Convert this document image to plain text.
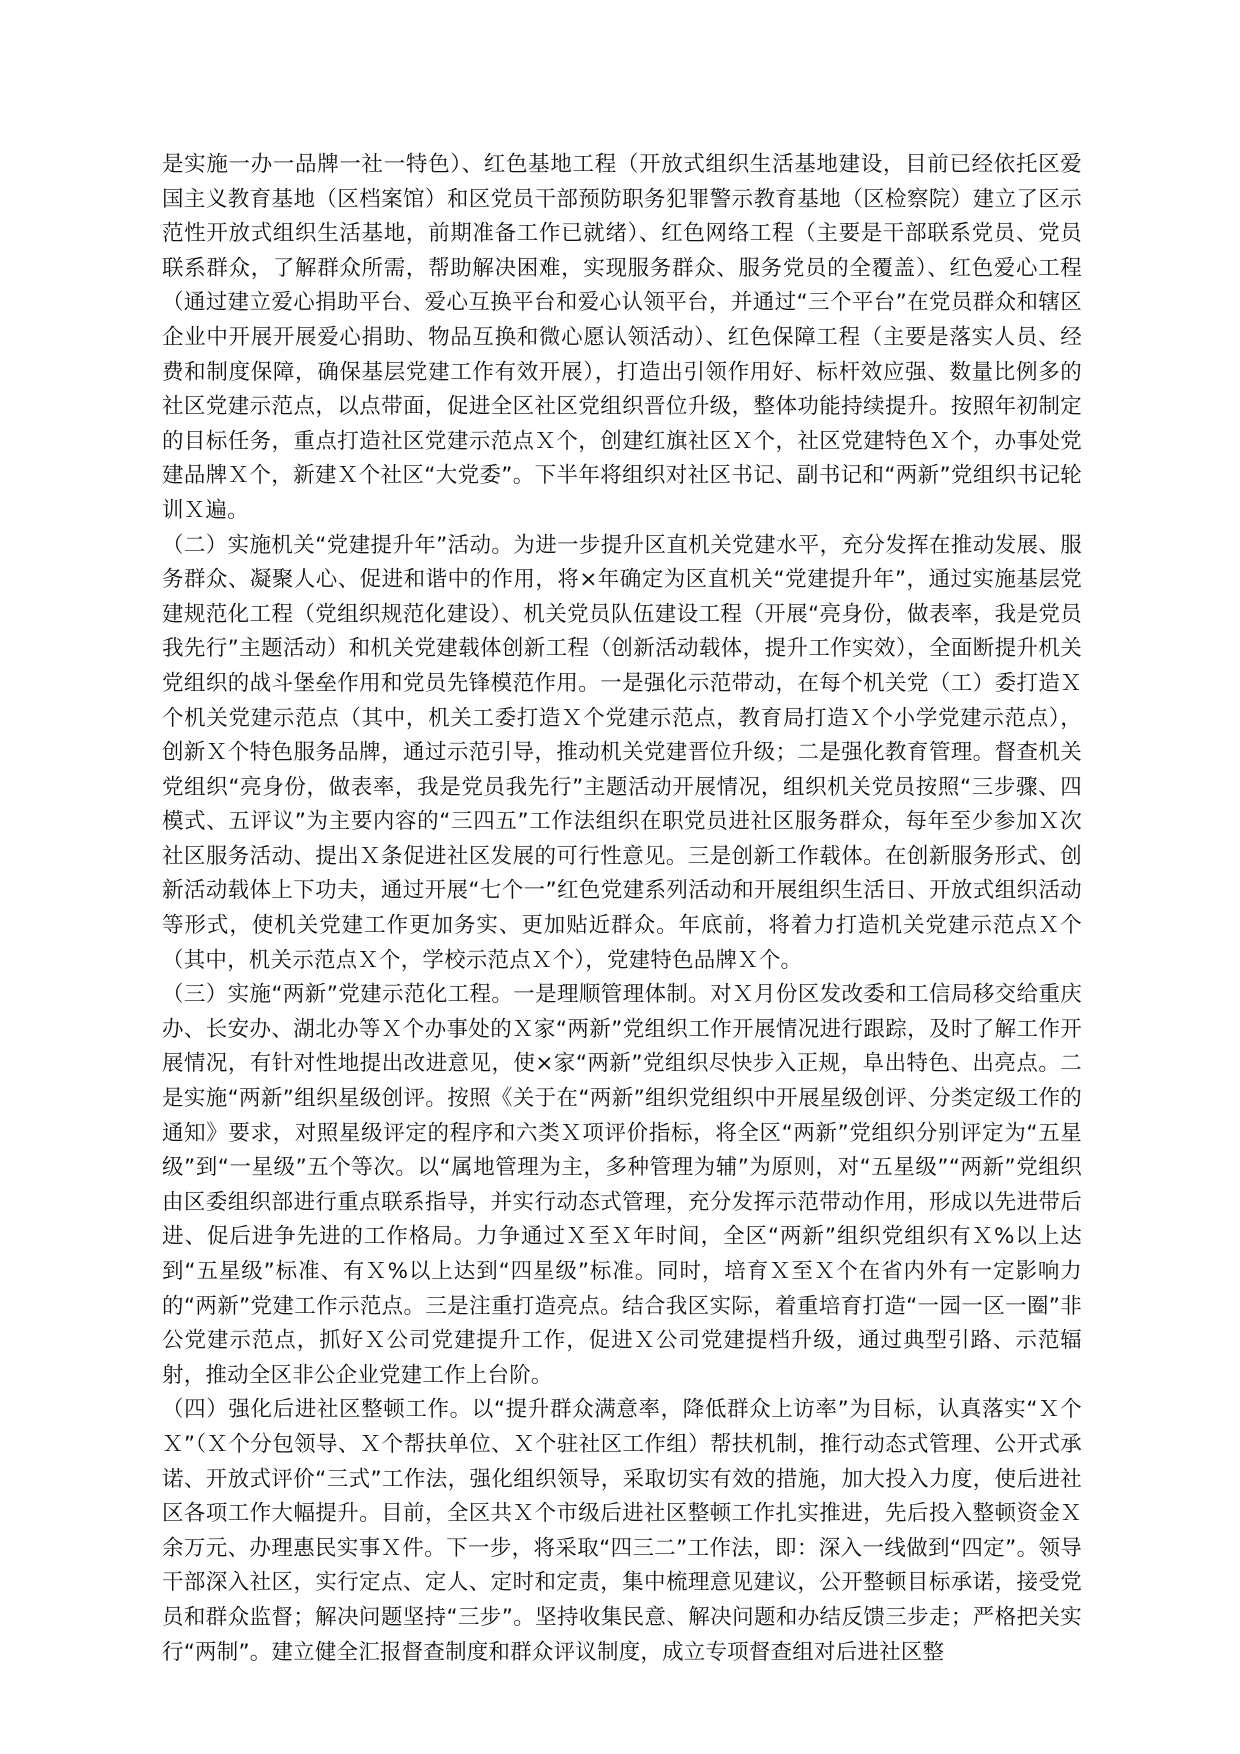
是实施一办一品牌一社一特色）、红色基地工程（开放式组织生活基地建设，目前已经依托区爱国主义教育基地（区档案馆）和区党员干部预防职务犯罪警示教育基地（区检察院）建立了区示范性开放式组织生活基地，前期准备工作已就绪）、红色网络工程（主要是干部联系党员、党员联系群众，了解群众所需，帮助解决困难，实现服务群众、服务党员的全覆盖）、红色爱心工程（通过建立爱心捐助平台、爱心互换平台和爱心认领平台，并通过“三个平台”在党员群众和辖区企业中开展开展爱心捐助、物品互换和微心愿认领活动）、红色保障工程（主要是落实人员、经费和制度保障，确保基层党建工作有效开展），打造出引领作用好、标杆效应强、数量比例多的社区党建示范点，以点带面，促进全区社区党组织晋位升级，整体功能持续提升。按照年初制定的目标任务，重点打造社区党建示范点Ｘ个，创建红旗社区Ｘ个，社区党建特色Ｘ个，办事处党建品牌Ｘ个，新建Ｘ个社区“大党委”。下半年将组织对社区书记、副书记和“两新”党组织书记轮训Ｘ遍。

（二）实施机关“党建提升年”活动。为进一步提升区直机关党建水平，充分发挥在推动发展、服务群众、凝聚人心、促进和谐中的作用，将×年确定为区直机关“党建提升年”，通过实施基层党建规范化工程（党组织规范化建设）、机关党员队伍建设工程（开展“亮身份，做表率，我是党员我先行”主题活动）和机关党建载体创新工程（创新活动载体，提升工作实效），全面断提升机关党组织的战斗堡垒作用和党员先锋模范作用。一是强化示范带动，在每个机关党（工）委打造Ｘ个机关党建示范点（其中，机关工委打造Ｘ个党建示范点，教育局打造Ｘ个小学党建示范点），创新Ｘ个特色服务品牌，通过示范引导，推动机关党建晋位升级；二是强化教育管理。督查机关党组织“亮身份，做表率，我是党员我先行”主题活动开展情况，组织机关党员按照“三步骤、四模式、五评议”为主要内容的“三四五”工作法组织在职党员进社区服务群众，每年至少参加Ｘ次社区服务活动、提出Ｘ条促进社区发展的可行性意见。三是创新工作载体。在创新服务形式、创新活动载体上下功夫，通过开展“七个一”红色党建系列活动和开展组织生活日、开放式组织活动等形式，使机关党建工作更加务实、更加贴近群众。年底前，将着力打造机关党建示范点Ｘ个（其中，机关示范点Ｘ个，学校示范点Ｘ个），党建特色品牌Ｘ个。

（三）实施“两新”党建示范化工程。一是理顺管理体制。对Ｘ月份区发改委和工信局移交给重庆办、长安办、湖北办等Ｘ个办事处的Ｘ家“两新”党组织工作开展情况进行跟踪，及时了解工作开展情况，有针对性地提出改进意见，使×家“两新”党组织尽快步入正规，阜出特色、出亮点。二是实施“两新”组织星级创评。按照《关于在“两新”组织党组织中开展星级创评、分类定级工作的通知》要求，对照星级评定的程序和六类Ｘ项评价指标，将全区“两新”党组织分别评定为“五星级”到“一星级”五个等次。以“属地管理为主，多种管理为辅”为原则，对“五星级”“两新”党组织由区委组织部进行重点联系指导，并实行动态式管理，充分发挥示范带动作用，形成以先进带后进、促后进争先进的工作格局。力争通过Ｘ至Ｘ年时间，全区“两新”组织党组织有Ｘ%以上达到“五星级”标准、有Ｘ%以上达到“四星级”标准。同时，培育Ｘ至Ｘ个在省内外有一定影响力的“两新”党建工作示范点。三是注重打造亮点。结合我区实际，着重培育打造“一园一区一圈”非公党建示范点，抓好Ｘ公司党建提升工作，促进Ｘ公司党建提档升级，通过典型引路、示范辐射，推动全区非公企业党建工作上台阶。

（四）强化后进社区整顿工作。以“提升群众满意率，降低群众上访率”为目标，认真落实“Ｘ个Ｘ”（Ｘ个分包领导、Ｘ个帮扶单位、Ｘ个驻社区工作组）帮扶机制，推行动态式管理、公开式承诺、开放式评价“三式”工作法，强化组织领导，采取切实有效的措施，加大投入力度，使后进社区各项工作大幅提升。目前，全区共Ｘ个市级后进社区整顿工作扎实推进，先后投入整顿资金Ｘ余万元、办理惠民实事Ｘ件。下一步，将采取“四三二”工作法，即：深入一线做到“四定”。领导干部深入社区，实行定点、定人、定时和定责，集中梳理意见建议，公开整顿目标承诺，接受党员和群众监督；解决问题坚持“三步”。坚持收集民意、解决问题和办结反馈三步走；严格把关实行“两制”。建立健全汇报督查制度和群众评议制度，成立专项督查组对后进社区整
